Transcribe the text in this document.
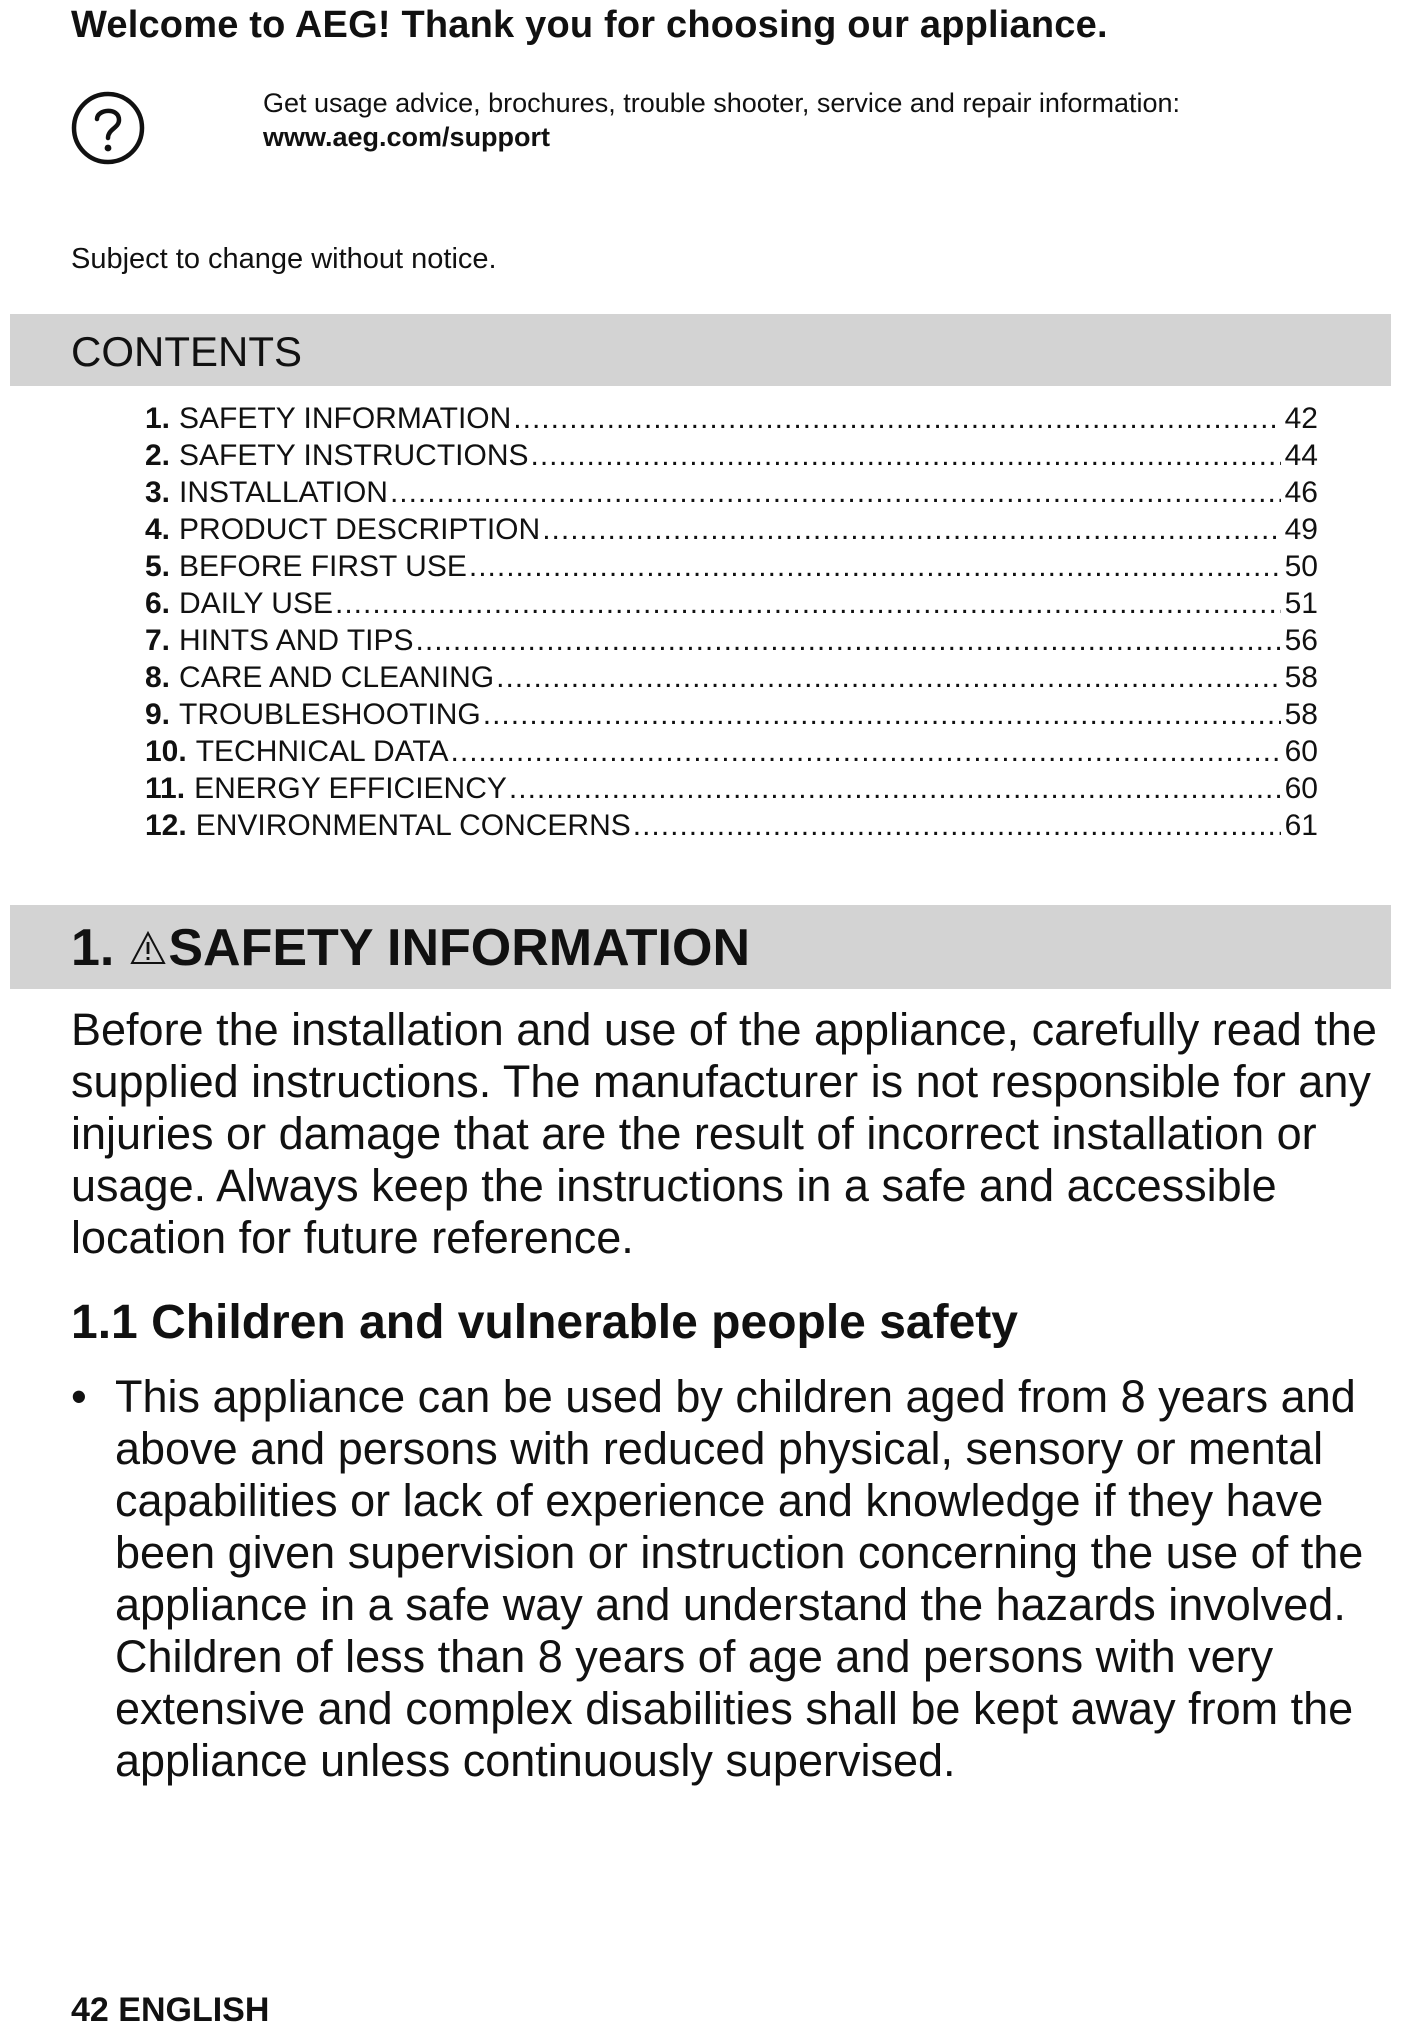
Welcome to AEG! Thank you for choosing our appliance.
Get usage advice, brochures, trouble shooter, service and repair information:
www.aeg.com/support
Subject to change without notice.
CONTENTS
1. SAFETY INFORMATION .....	42
2. SAFETY INSTRUCTIONS .....	44
3. INSTALLATION .....	46
4. PRODUCT DESCRIPTION .....	49
5. BEFORE FIRST USE .....	50
6. DAILY USE .....	51
7. HINTS AND TIPS .....	56
8. CARE AND CLEANING .....	58
9. TROUBLESHOOTING .....	58
10. TECHNICAL DATA .....	60
11. ENERGY EFFICIENCY .....	60
12. ENVIRONMENTAL CONCERNS .....	61
1. SAFETY INFORMATION

Before the installation and use of the appliance, carefully read the supplied instructions. The manufacturer is not responsible for any injuries or damage that are the result of incorrect installation or usage. Always keep the instructions in a safe and accessible location for future reference.

1.1 Children and vulnerable people safety
• This appliance can be used by children aged from 8 years and above and persons with reduced physical, sensory or mental capabilities or lack of experience and knowledge if they have been given supervision or instruction concerning the use of the appliance in a safe way and understand the hazards involved. Children of less than 8 years of age and persons with very extensive and complex disabilities shall be kept away from the appliance unless continuously supervised.
42 ENGLISH
